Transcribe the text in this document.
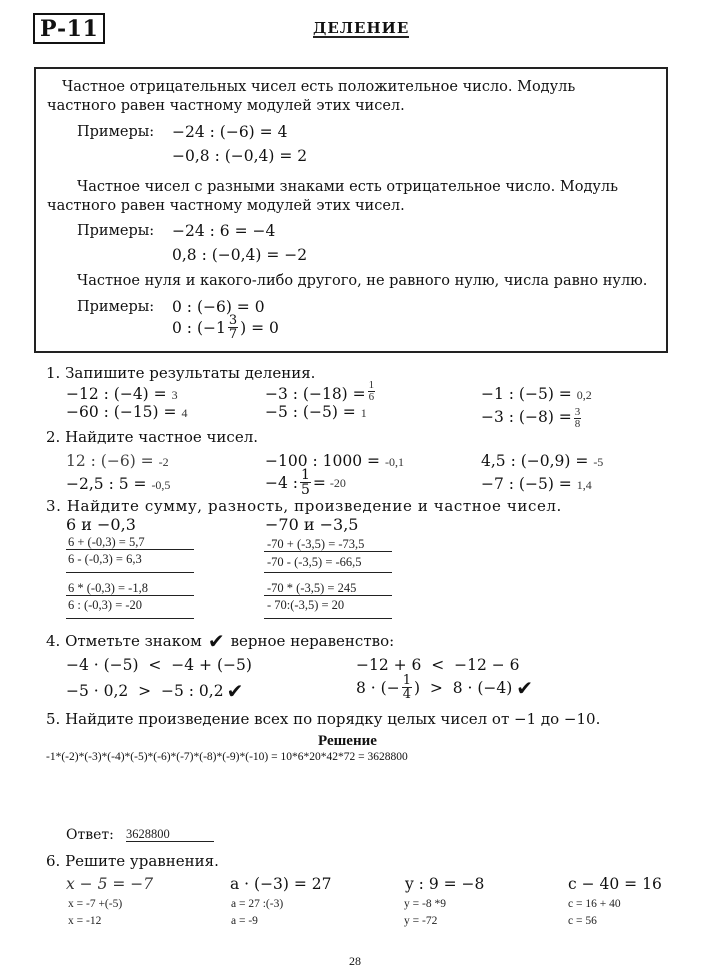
Р-11	ДЕЛЕНИЕ
Частное отрицательных чисел есть положительное число. Модуль
частного равен частному модулей этих чисел.
Примеры: −24 : (−6) = 4
−0,8 : (−0,4) = 2
Частное чисел с разными знаками есть отрицательное число. Модуль
частного равен частному модулей этих чисел.
Примеры: −24 : 6 = −4
0,8 : (−0,4) = −2
Частное нуля и какого-либо другого, не равного нулю, числа равно нулю.
Примеры: 0 : (−6) = 0
0 : ($-1 \frac{3}{7}$ ) = 0
1. Запишите результаты деления.
−12 : (−4) = 3
−60 : (−15) = 4
−3 : $(-18) = \frac{1}{6}$
−5 : (−5) = 1
−1 : (−5) = 0,2
−3 : $(-8) = \frac{3}{8}$
2. Найдите частное чисел.
12 : (−6) = -2
−2,5 : 5 = -0,5
−100 : 1000 = -0,1
−4 : $\frac{1}{5} = -20$
4,5 : (−0,9) = -5
−7 : (−5) = 1,4
3. Найдите сумму, разность, произведение и частное чисел.
6 и −0,3	−70 и −3,5
6 + (-0,3) = 5,7
6 - (-0,3) = 6,3
6 * (-0,3) = -1,8
6 : (-0,3) = -20
-70 + (-3,5) = -73,5
-70 - (-3,5) = -66,5
-70 * (-3,5) = 245
- 70:(-3,5) = 20
4. Отметьте знаком ✔ верное неравенство:
−4 · (−5)  <  −4 + (−5)
−5 · 0,2  >  −5 : 0,2 ✔
−12 + 6  <  −12 − 6
8 · (− $\frac{1}{4}$ )  >  8 · (−4) ✔
5. Найдите произведение всех по порядку целых чисел от −1 до −10.
Решение
-1*(-2)*(-3)*(-4)*(-5)*(-6)*(-7)*(-8)*(-9)*(-10) = 10*6*20*42*72 = 3628800
Ответ: 3628800
6. Решите уравнения.
x − 5 = −7
x = -7 +(-5)
x = -12
a · (−3) = 27
a = 27 :(-3)
a = -9
y : 9 = −8
y = -8 *9
y = -72
c − 40 = 16
c = 16 + 40
c = 56
28
